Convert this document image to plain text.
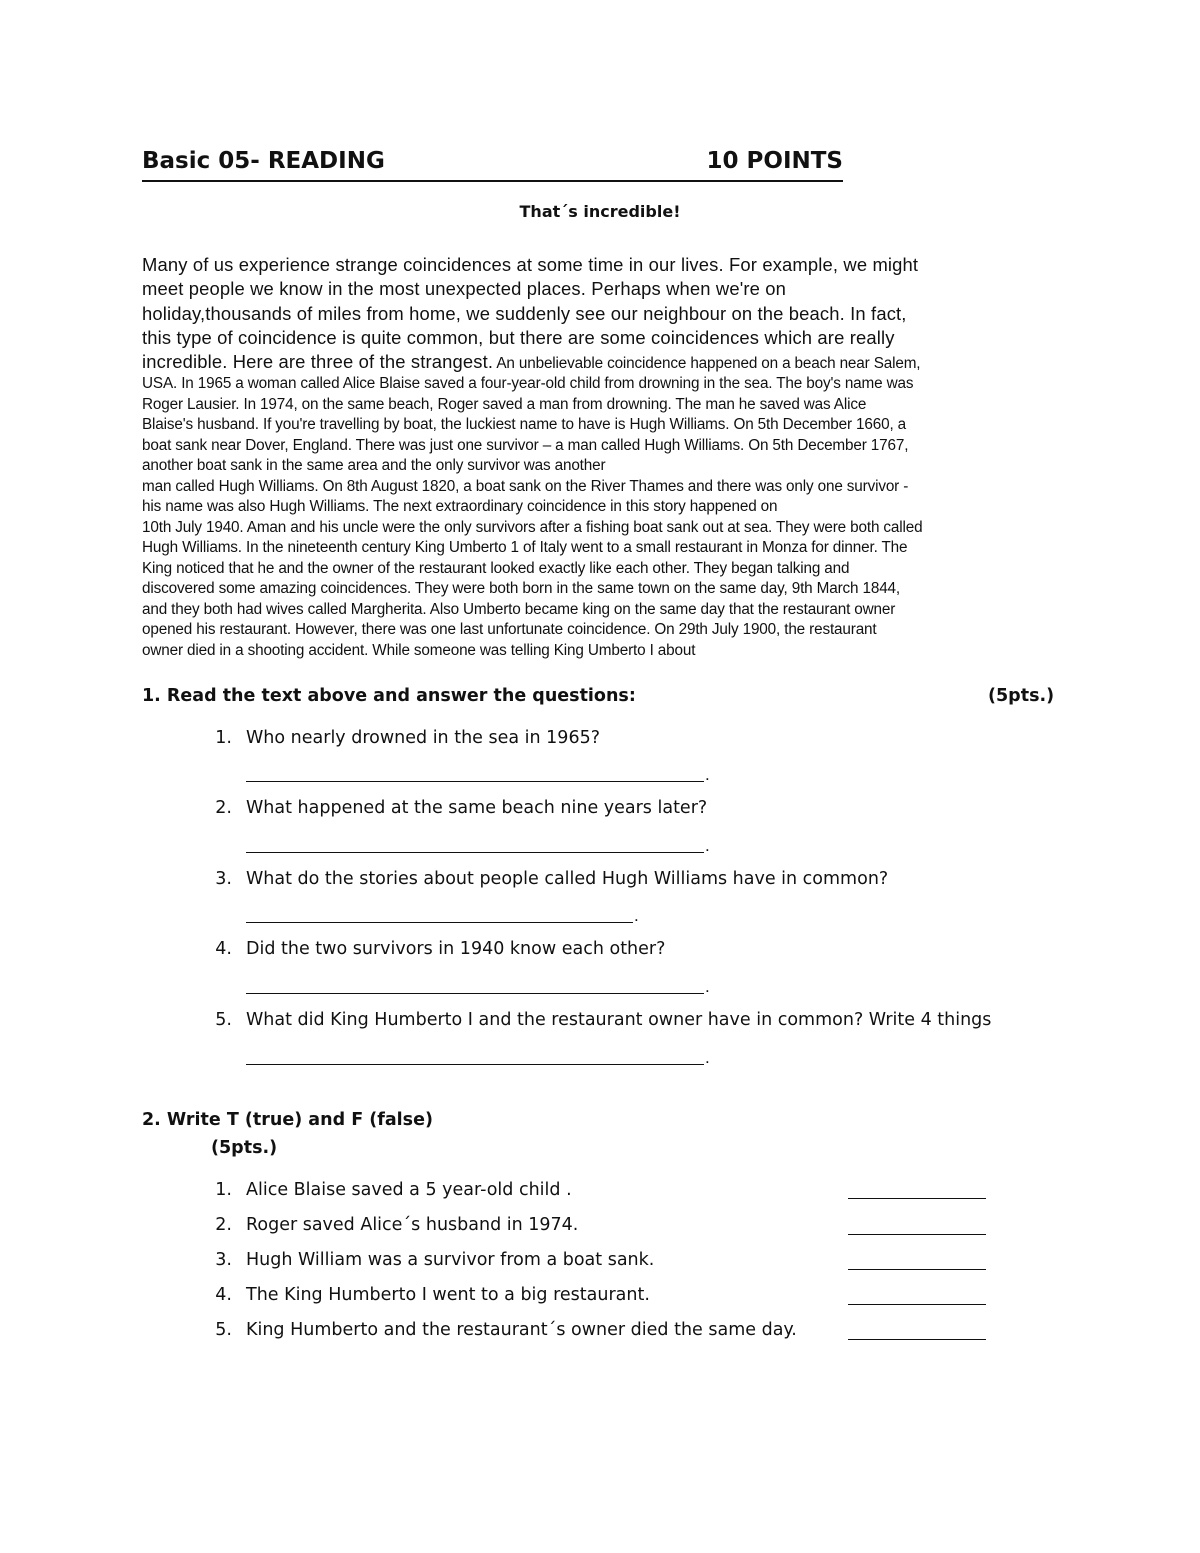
Basic 05- READING	10 POINTS
That´s incredible!
Many of us experience strange coincidences at some time in our lives. For example, we might
meet people we know in the most unexpected places. Perhaps when we're on
holiday,thousands of miles from home, we suddenly see our neighbour on the beach. In fact,
this type of coincidence is quite common, but there are some coincidences which are really
incredible. Here are three of the strangest. An unbelievable coincidence happened on a beach near Salem,
USA. In 1965 a woman called Alice Blaise saved a four-year-old child from drowning in the sea. The boy's name was
Roger Lausier. In 1974, on the same beach, Roger saved a man from drowning. The man he saved was Alice
Blaise's husband. If you're travelling by boat, the luckiest name to have is Hugh Williams. On 5th December 1660, a
boat sank near Dover, England. There was just one survivor – a man called Hugh Williams. On 5th December 1767,
another boat sank in the same area and the only survivor was another
man called Hugh Williams. On 8th August 1820, a boat sank on the River Thames and there was only one survivor -
his name was also Hugh Williams. The next extraordinary coincidence in this story happened on
10th July 1940. Aman and his uncle were the only survivors after a fishing boat sank out at sea. They were both called
Hugh Williams. In the nineteenth century King Umberto 1 of Italy went to a small restaurant in Monza for dinner. The
King noticed that he and the owner of the restaurant looked exactly like each other. They began talking and
discovered some amazing coincidences. They were both born in the same town on the same day, 9th March 1844,
and they both had wives called Margherita. Also Umberto became king on the same day that the restaurant owner
opened his restaurant. However, there was one last unfortunate coincidence. On 29th July 1900, the restaurant
owner died in a shooting accident. While someone was telling King Umberto I about
1. Read the text above and answer the questions:	(5pts.)
1. Who nearly drowned in the sea in 1965?
.
2. What happened at the same beach nine years later?
.
3. What do the stories about people called Hugh Williams have in common?
.
4. Did the two survivors in 1940 know each other?
.
5. What did King Humberto I and the restaurant owner have in common? Write 4 things
.
2. Write T (true) and F (false)
(5pts.)
1. Alice Blaise saved a 5 year-old child .
2. Roger saved Alice´s husband in 1974.
3. Hugh William was a survivor from a boat sank.
4. The King Humberto I went to a big restaurant.
5. King Humberto and the restaurant´s owner died the same day.
